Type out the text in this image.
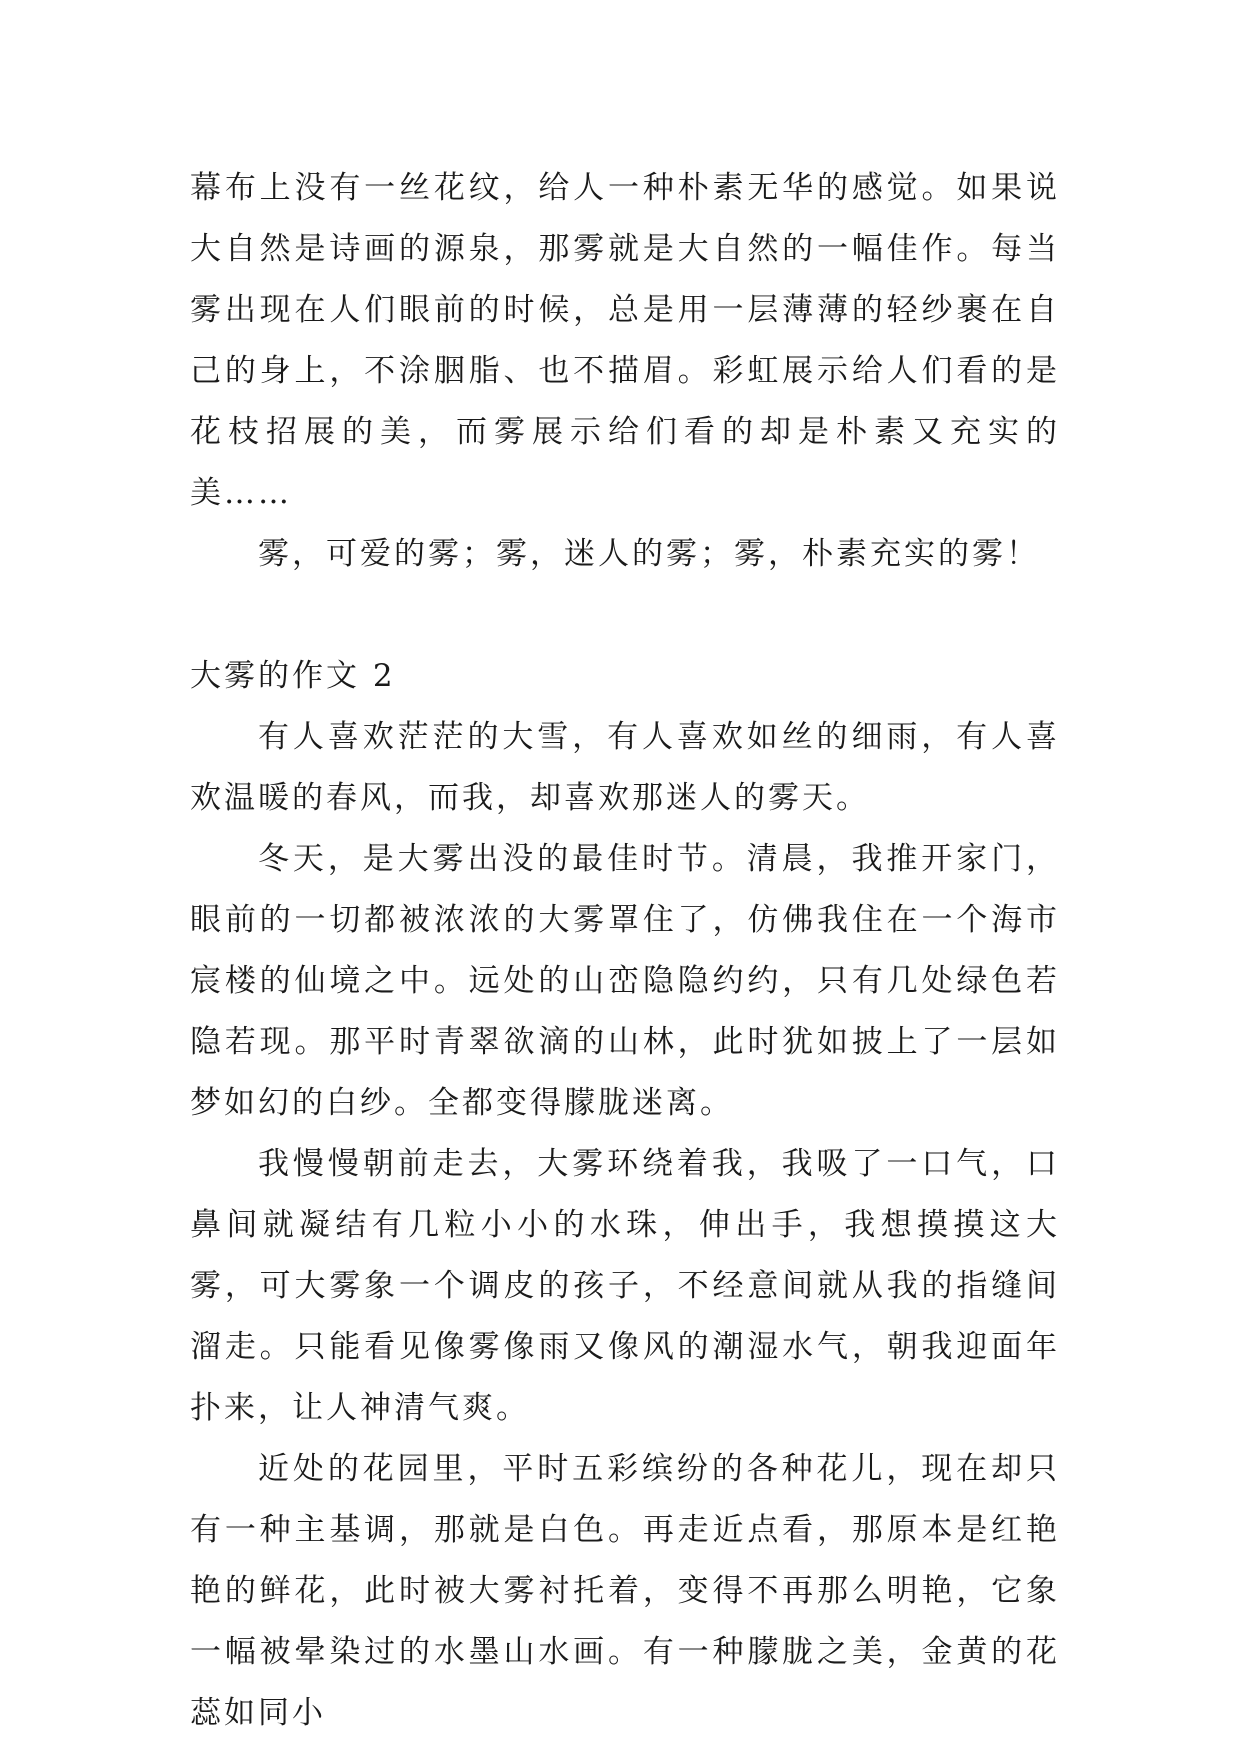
幕布上没有一丝花纹，给人一种朴素无华的感觉。如果说大自然是诗画的源泉，那雾就是大自然的一幅佳作。每当雾出现在人们眼前的时候，总是用一层薄薄的轻纱裹在自己的身上，不涂胭脂、也不描眉。彩虹展示给人们看的是花枝招展的美，而雾展示给们看的却是朴素又充实的美……

雾，可爱的雾；雾，迷人的雾；雾，朴素充实的雾！

大雾的作文 2

有人喜欢茫茫的大雪，有人喜欢如丝的细雨，有人喜欢温暖的春风，而我，却喜欢那迷人的雾天。

冬天，是大雾出没的最佳时节。清晨，我推开家门，眼前的一切都被浓浓的大雾罩住了，仿佛我住在一个海市宸楼的仙境之中。远处的山峦隐隐约约，只有几处绿色若隐若现。那平时青翠欲滴的山林，此时犹如披上了一层如梦如幻的白纱。全都变得朦胧迷离。

我慢慢朝前走去，大雾环绕着我，我吸了一口气，口鼻间就凝结有几粒小小的水珠，伸出手，我想摸摸这大雾，可大雾象一个调皮的孩子，不经意间就从我的指缝间溜走。只能看见像雾像雨又像风的潮湿水气，朝我迎面年扑来，让人神清气爽。

近处的花园里，平时五彩缤纷的各种花儿，现在却只有一种主基调，那就是白色。再走近点看，那原本是红艳艳的鲜花，此时被大雾衬托着，变得不再那么明艳，它象一幅被晕染过的水墨山水画。有一种朦胧之美，金黄的花蕊如同小
